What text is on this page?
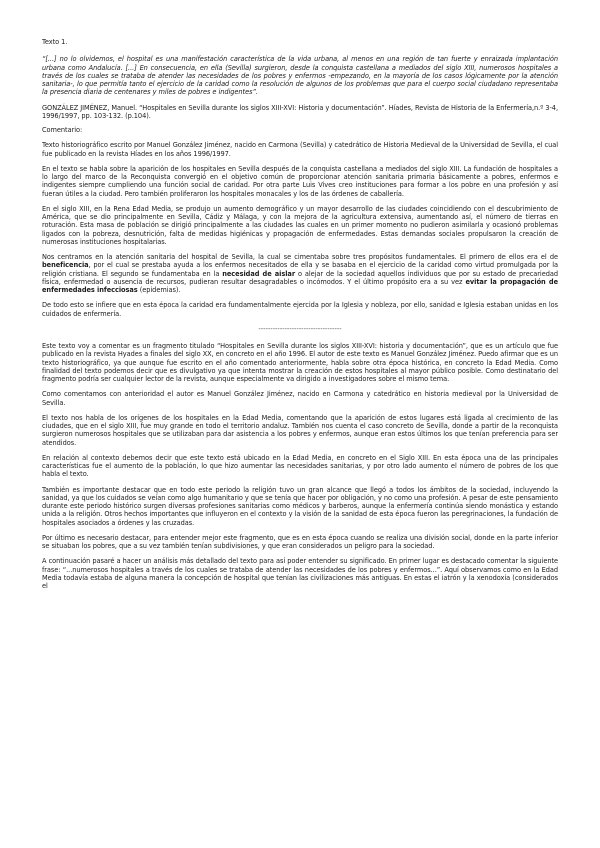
Texto 1.

“[...] no lo olvidemos, el hospital es una manifestación característica de la vida urbana, al menos en una región de tan fuerte y enraizada implantación urbana como Andalucía. [...] En consecuencia, en ella (Sevilla) surgieron, desde la conquista castellana a mediados del siglo XIII, numerosos hospitales a través de los cuales se trataba de atender las necesidades de los pobres y enfermos -empezando, en la mayoría de los casos lógicamente por la atención sanitaria-, lo que permitía tanto el ejercicio de la caridad como la resolución de algunos de los problemas que para el cuerpo social ciudadano representaba la presencia diaria de centenares y miles de pobres e indigentes”.

GONZÁLEZ JIMÉNEZ, Manuel. “Hospitales en Sevilla durante los siglos XIII-XVI: Historia y documentación”. Híades, Revista de Historia de la Enfermería,n.º 3-4, 1996/1997, pp. 103-132. (p.104).

Comentario:

Texto historiográfico escrito por Manuel González Jiménez, nacido en Carmona (Sevilla) y catedrático de Historia Medieval de la Universidad de Sevilla, el cual fue publicado en la revista Híades en los años 1996/1997.

En el texto se habla sobre la aparición de los hospitales en Sevilla después de la conquista castellana a mediados del siglo XIII. La fundación de hospitales a lo largo del marco de la Reconquista convergió en el objetivo común de proporcionar atención sanitaria primaria básicamente a pobres, enfermos e indigentes siempre cumpliendo una función social de caridad. Por otra parte Luis Vives creo instituciones para formar a los pobre en una profesión y así fueran útiles a la ciudad. Pero también proliferaron los hospitales monacales y los de las órdenes de caballería.

En el siglo XIII, en la Rena Edad Media, se produjo un aumento demográfico y un mayor desarrollo de las ciudades coincidiendo con el descubrimiento de América, que se dio principalmente en Sevilla, Cádiz y Málaga, y con la mejora de la agricultura extensiva, aumentando así, el número de tierras en roturación. Esta masa de población se dirigió principalmente a las ciudades las cuales en un primer momento no pudieron asimilarla y ocasionó problemas ligados con la pobreza, desnutrición, falta de medidas higiénicas y propagación de enfermedades. Estas demandas sociales propulsaron la creación de numerosas instituciones hospitalarias.

Nos centramos en la atención sanitaria del hospital de Sevilla, la cual se cimentaba sobre tres propósitos fundamentales. El primero de ellos era el de beneficencia, por el cual se prestaba ayuda a los enfermos necesitados de ella y se basaba en el ejercicio de la caridad como virtud promulgada por la religión cristiana. El segundo se fundamentaba en la necesidad de aislar o alejar de la sociedad aquellos individuos que por su estado de precariedad física, enfermedad o ausencia de recursos, pudieran resultar desagradables o incómodos. Y el último propósito era a su vez evitar la propagación de enfermedades infecciosas (epidemias).

De todo esto se infiere que en esta época la caridad era fundamentalmente ejercida por la Iglesia y nobleza, por ello, sanidad e Iglesia estaban unidas en los cuidados de enfermería.

-----------------------------------

Este texto voy a comentar es un fragmento titulado “Hospitales en Sevilla durante los siglos XIII-XVI: historia y documentación”, que es un artículo que fue publicado en la revista Hyades a finales del siglo XX, en concreto en el año 1996. El autor de este texto es Manuel González Jiménez. Puedo afirmar que es un texto historiográfico, ya que aunque fue escrito en el año comentado anteriormente, habla sobre otra época histórica, en concreto la Edad Media. Como finalidad del texto podemos decir que es divulgativo ya que intenta mostrar la creación de estos hospitales al mayor público posible. Como destinatario del fragmento podría ser cualquier lector de la revista, aunque especialmente va dirigido a investigadores sobre el mismo tema.

Como comentamos con anterioridad el autor es Manuel González Jiménez, nacido en Carmona y catedrático en historia medieval por la Universidad de Sevilla.

El texto nos habla de los orígenes de los hospitales en la Edad Media, comentando que la aparición de estos lugares está ligada al crecimiento de las ciudades, que en el siglo XIII, fue muy grande en todo el territorio andaluz. También nos cuenta el caso concreto de Sevilla, donde a partir de la reconquista surgieron numerosos hospitales que se utilizaban para dar asistencia a los pobres y enfermos, aunque eran estos últimos los que tenían preferencia para ser atendidos.

En relación al contexto debemos decir que este texto está ubicado en la Edad Media, en concreto en el Siglo XIII. En esta época una de las principales características fue el aumento de la población, lo que hizo aumentar las necesidades sanitarias, y por otro lado aumento el número de pobres de los que habla el texto.

También es importante destacar que en todo este periodo la religión tuvo un gran alcance que llegó a todos los ámbitos de la sociedad, incluyendo la sanidad, ya que los cuidados se veían como algo humanitario y que se tenía que hacer por obligación, y no como una profesión. A pesar de este pensamiento durante este periodo histórico surgen diversas profesiones sanitarias como médicos y barberos, aunque la enfermería continúa siendo monástica y estando unida a la religión. Otros hechos importantes que influyeron en el contexto y la visión de la sanidad de esta época fueron las peregrinaciones, la fundación de hospitales asociados a órdenes y las cruzadas.

Por último es necesario destacar, para entender mejor este fragmento, que es en esta época cuando se realiza una división social, donde en la parte inferior se situaban los pobres, que a su vez también tenían subdivisiones, y que eran considerados un peligro para la sociedad.

A continuación pasaré a hacer un análisis más detallado del texto para así poder entender su significado. En primer lugar es destacado comentar la siguiente frase: “...numerosos hospitales a través de los cuales se trataba de atender las necesidades de los pobres y enfermos...”. Aquí observamos como en la Edad Media todavía estaba de alguna manera la concepción de hospital que tenían las civilizaciones más antiguas. En estas el iatrón y la xenodoxia (considerados el
